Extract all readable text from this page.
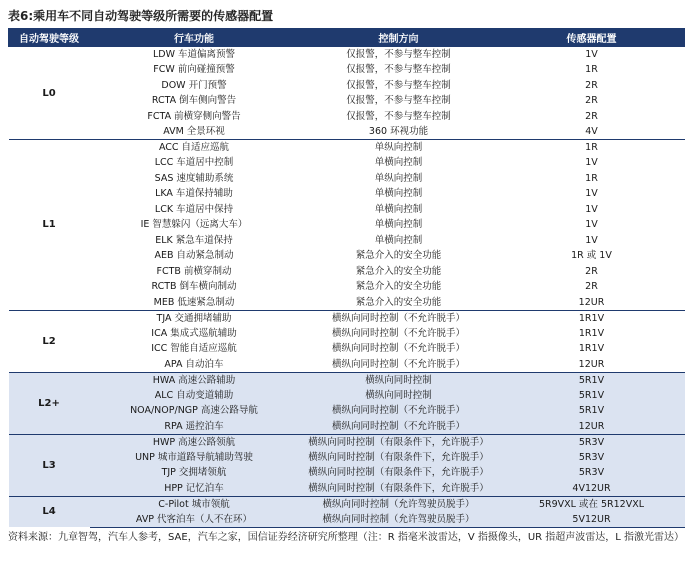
表6:乘用车不同自动驾驶等级所需要的传感器配置
自动驾驶等级	行车功能	控制方向	传感器配置
L0	LDW 车道偏离预警	仅报警，不参与整车控制	1V
	FCW 前向碰撞预警	仅报警，不参与整车控制	1R
	DOW 开门预警	仅报警，不参与整车控制	2R
	RCTA 倒车侧向警告	仅报警，不参与整车控制	2R
	FCTA 前横穿侧向警告	仅报警，不参与整车控制	2R
	AVM 全景环视	360 环视功能	4V
L1	ACC 自适应巡航	单纵向控制	1R
	LCC 车道居中控制	单横向控制	1V
	SAS 速度辅助系统	单纵向控制	1R
	LKA 车道保持辅助	单横向控制	1V
	LCK 车道居中保持	单横向控制	1V
	IE 智慧躲闪（远离大车）	单横向控制	1V
	ELK 紧急车道保持	单横向控制	1V
	AEB 自动紧急制动	紧急介入的安全功能	1R 或 1V
	FCTB 前横穿制动	紧急介入的安全功能	2R
	RCTB 倒车横向制动	紧急介入的安全功能	2R
	MEB 低速紧急制动	紧急介入的安全功能	12UR
L2	TJA 交通拥堵辅助	横纵向同时控制（不允许脱手）	1R1V
	ICA 集成式巡航辅助	横纵向同时控制（不允许脱手）	1R1V
	ICC 智能自适应巡航	横纵向同时控制（不允许脱手）	1R1V
	APA 自动泊车	横纵向同时控制（不允许脱手）	12UR
L2+	HWA 高速公路辅助	横纵向同时控制	5R1V
	ALC 自动变道辅助	横纵向同时控制	5R1V
	NOA/NOP/NGP 高速公路导航	横纵向同时控制（不允许脱手）	5R1V
	RPA 遥控泊车	横纵向同时控制（不允许脱手）	12UR
L3	HWP 高速公路领航	横纵向同时控制（有限条件下，允许脱手）	5R3V
	UNP 城市道路导航辅助驾驶	横纵向同时控制（有限条件下，允许脱手）	5R3V
	TJP 交拥堵领航	横纵向同时控制（有限条件下，允许脱手）	5R3V
	HPP 记忆泊车	横纵向同时控制（有限条件下，允许脱手）	4V12UR
L4	C-Pilot 城市领航	横纵向同时控制（允许驾驶员脱手）	5R9VXL 或在 5R12VXL
	AVP 代客泊车（人不在环）	横纵向同时控制（允许驾驶员脱手）	5V12UR
资料来源：九章智驾，汽车人参考，SAE，汽车之家，国信证券经济研究所整理（注：R 指毫米波雷达，V 指摄像头，UR 指超声波雷达，L 指激光雷达）
